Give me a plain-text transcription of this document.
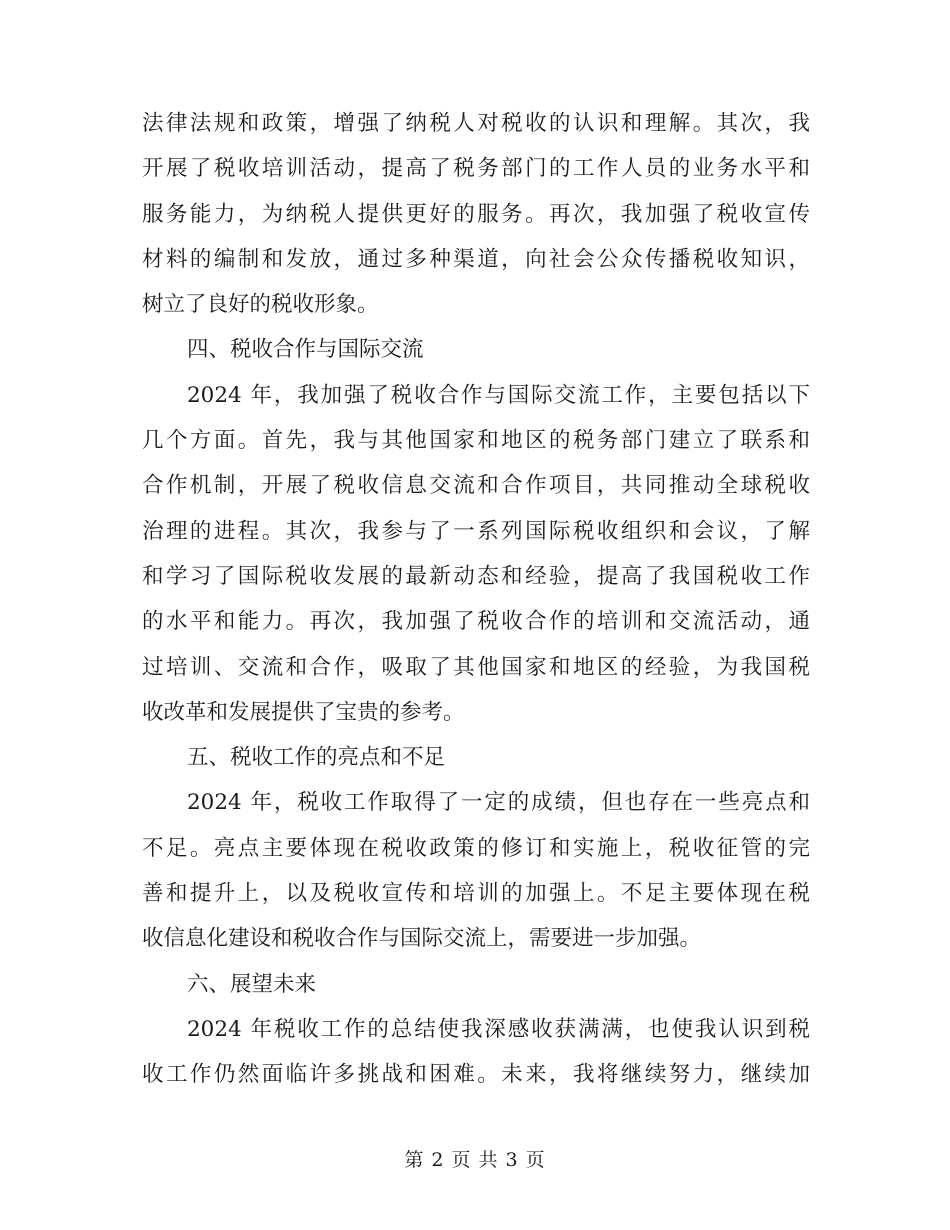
法律法规和政策，增强了纳税人对税收的认识和理解。其次，我
开展了税收培训活动，提高了税务部门的工作人员的业务水平和
服务能力，为纳税人提供更好的服务。再次，我加强了税收宣传
材料的编制和发放，通过多种渠道，向社会公众传播税收知识，
树立了良好的税收形象。
四、税收合作与国际交流
2024 年，我加强了税收合作与国际交流工作，主要包括以下
几个方面。首先，我与其他国家和地区的税务部门建立了联系和
合作机制，开展了税收信息交流和合作项目，共同推动全球税收
治理的进程。其次，我参与了一系列国际税收组织和会议，了解
和学习了国际税收发展的最新动态和经验，提高了我国税收工作
的水平和能力。再次，我加强了税收合作的培训和交流活动，通
过培训、交流和合作，吸取了其他国家和地区的经验，为我国税
收改革和发展提供了宝贵的参考。
五、税收工作的亮点和不足
2024 年，税收工作取得了一定的成绩，但也存在一些亮点和
不足。亮点主要体现在税收政策的修订和实施上，税收征管的完
善和提升上，以及税收宣传和培训的加强上。不足主要体现在税
收信息化建设和税收合作与国际交流上，需要进一步加强。
六、展望未来
2024 年税收工作的总结使我深感收获满满，也使我认识到税
收工作仍然面临许多挑战和困难。未来，我将继续努力，继续加
第 2 页 共 3 页
